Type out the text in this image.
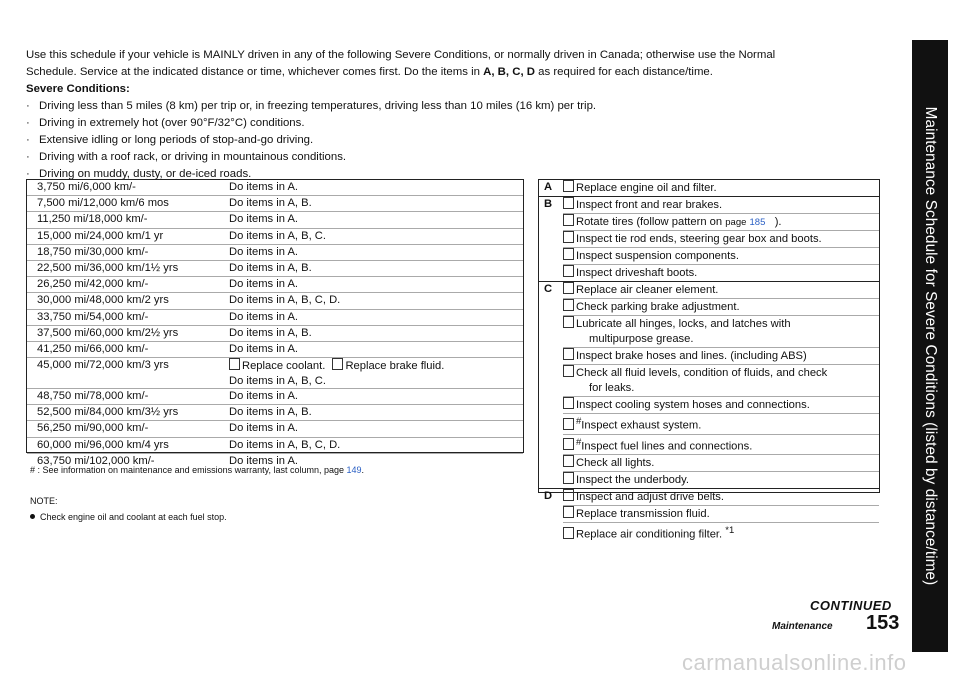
Use this schedule if your vehicle is MAINLY driven in any of the following Severe Conditions, or normally driven in Canada; otherwise use the Normal

Schedule. Service at the indicated distance or time, whichever comes first. Do the items in A, B, C, D as required for each distance/time.

Severe Conditions:

· Driving less than 5 miles (8 km) per trip or, in freezing temperatures, driving less than 10 miles (16 km) per trip.
· Driving in extremely hot (over 90°F/32°C) conditions.
· Extensive idling or long periods of stop-and-go driving.
· Driving with a roof rack, or driving in mountainous conditions.
· Driving on muddy, dusty, or de-iced roads.
3,750 mi/6,000 km/-	Do items in A.
7,500 mi/12,000 km/6 mos	Do items in A, B.
11,250 mi/18,000 km/-	Do items in A.
15,000 mi/24,000 km/1 yr	Do items in A, B, C.
18,750 mi/30,000 km/-	Do items in A.
22,500 mi/36,000 km/1½ yrs	Do items in A, B.
26,250 mi/42,000 km/-	Do items in A.
30,000 mi/48,000 km/2 yrs	Do items in A, B, C, D.
33,750 mi/54,000 km/-	Do items in A.
37,500 mi/60,000 km/2½ yrs	Do items in A, B.
41,250 mi/66,000 km/-	Do items in A.
45,000 mi/72,000 km/3 yrs	Replace coolant. Replace brake fluid.
Do items in A, B, C.
48,750 mi/78,000 km/-	Do items in A.
52,500 mi/84,000 km/3½ yrs	Do items in A, B.
56,250 mi/90,000 km/-	Do items in A.
60,000 mi/96,000 km/4 yrs	Do items in A, B, C, D.
63,750 mi/102,000 km/-	Do items in A.
A	Replace engine oil and filter.
B	Inspect front and rear brakes.
Rotate tires (follow pattern on page 185 ).
Inspect tie rod ends, steering gear box and boots.
Inspect suspension components.
Inspect driveshaft boots.
C	Replace air cleaner element.
Check parking brake adjustment.
Lubricate all hinges, locks, and latches with
multipurpose grease.
Inspect brake hoses and lines. (including ABS)
Check all fluid levels, condition of fluids, and check
for leaks.
Inspect cooling system hoses and connections.
#Inspect exhaust system.
#Inspect fuel lines and connections.
Check all lights.
Inspect the underbody.
D	Inspect and adjust drive belts.
Replace transmission fluid.
Replace air conditioning filter. $^{*1}$
# : See information on maintenance and emissions warranty, last column, page 149.
NOTE:
Check engine oil and coolant at each fuel stop.
CONTINUED
Maintenance 153
Maintenance Schedule for Severe Conditions (listed by distance/time)
carmanualsonline.info
